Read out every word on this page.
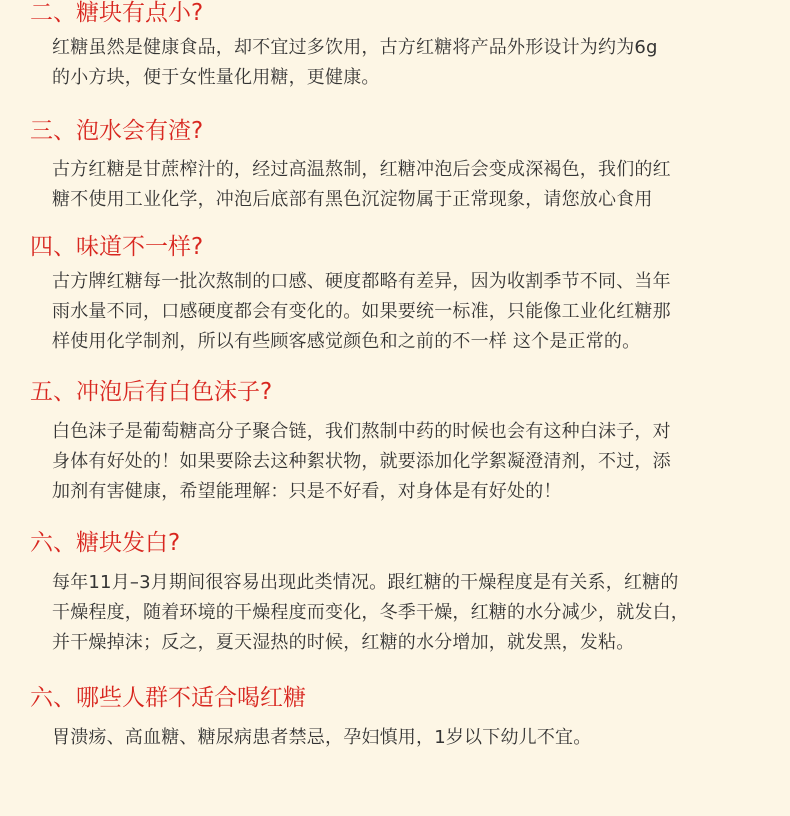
二、糖块有点小?
红糖虽然是健康食品，却不宜过多饮用，古方红糖将产品外形设计为约为6g
的小方块，便于女性量化用糖，更健康。
三、泡水会有渣?
古方红糖是甘蔗榨汁的，经过高温熬制，红糖冲泡后会变成深褐色，我们的红
糖不使用工业化学，冲泡后底部有黑色沉淀物属于正常现象，请您放心食用
四、味道不一样?
古方牌红糖每一批次熬制的口感、硬度都略有差异，因为收割季节不同、当年
雨水量不同，口感硬度都会有变化的。如果要统一标准，只能像工业化红糖那
样使用化学制剂，所以有些顾客感觉颜色和之前的不一样 这个是正常的。
五、冲泡后有白色沫子?
白色沫子是葡萄糖高分子聚合链，我们熬制中药的时候也会有这种白沫子，对
身体有好处的！如果要除去这种絮状物，就要添加化学絮凝澄清剂，不过，添
加剂有害健康，希望能理解：只是不好看，对身体是有好处的！
六、糖块发白?
每年11月–3月期间很容易出现此类情况。跟红糖的干燥程度是有关系，红糖的
干燥程度，随着环境的干燥程度而变化，冬季干燥，红糖的水分减少，就发白，
并干燥掉沫；反之，夏天湿热的时候，红糖的水分增加，就发黑，发粘。
六、哪些人群不适合喝红糖
胃溃疡、高血糖、糖尿病患者禁忌，孕妇慎用，1岁以下幼儿不宜。
